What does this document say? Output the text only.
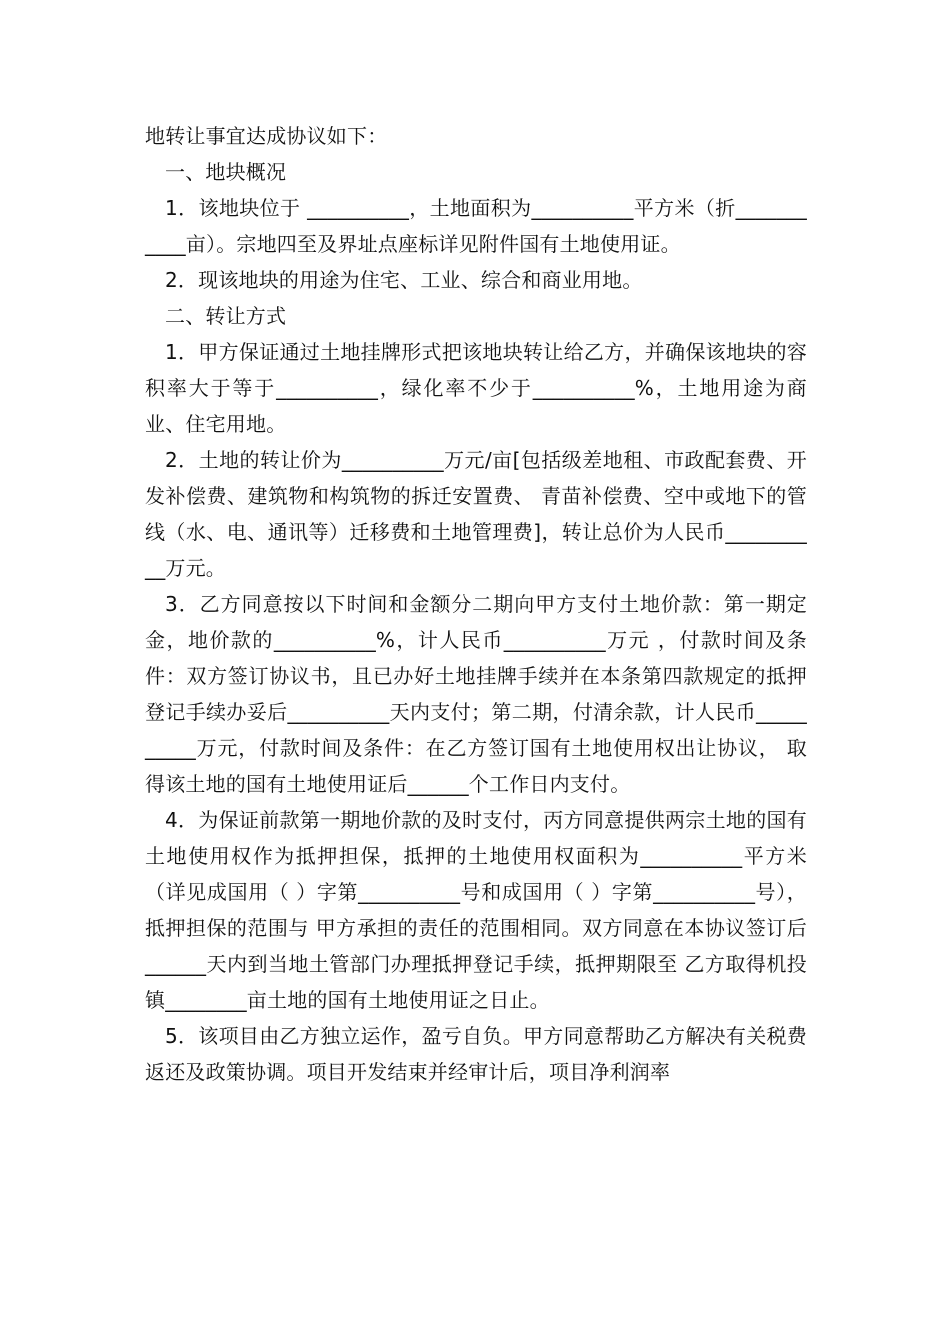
地转让事宜达成协议如下：

一、地块概况

1．该地块位于 __________，土地面积为__________平方米（折___________亩）。宗地四至及界址点座标详见附件国有土地使用证。

2．现该地块的用途为住宅、工业、综合和商业用地。

二、转让方式

1．甲方保证通过土地挂牌形式把该地块转让给乙方，并确保该地块的容积率大于等于__________，绿化率不少于__________%，土地用途为商业、住宅用地。

2．土地的转让价为__________万元/亩[包括级差地租、市政配套费、开发补偿费、建筑物和构筑物的拆迁安置费、 青苗补偿费、空中或地下的管线（水、电、通讯等）迁移费和土地管理费]，转让总价为人民币__________万元。

3．乙方同意按以下时间和金额分二期向甲方支付土地价款：第一期定金，地价款的__________%，计人民币__________万元 ，付款时间及条件：双方签订协议书，且已办好土地挂牌手续并在本条第四款规定的抵押登记手续办妥后__________天内支付；第二期，付清余款，计人民币__________万元，付款时间及条件：在乙方签订国有土地使用权出让协议， 取得该土地的国有土地使用证后______个工作日内支付。

4．为保证前款第一期地价款的及时支付，丙方同意提供两宗土地的国有土地使用权作为抵押担保，抵押的土地使用权面积为__________平方米（详见成国用（ ）字第__________号和成国用（ ）字第__________号），抵押担保的范围与 甲方承担的责任的范围相同。双方同意在本协议签订后______天内到当地土管部门办理抵押登记手续，抵押期限至 乙方取得机投镇________亩土地的国有土地使用证之日止。

5．该项目由乙方独立运作，盈亏自负。甲方同意帮助乙方解决有关税费返还及政策协调。项目开发结束并经审计后，项目净利润率
